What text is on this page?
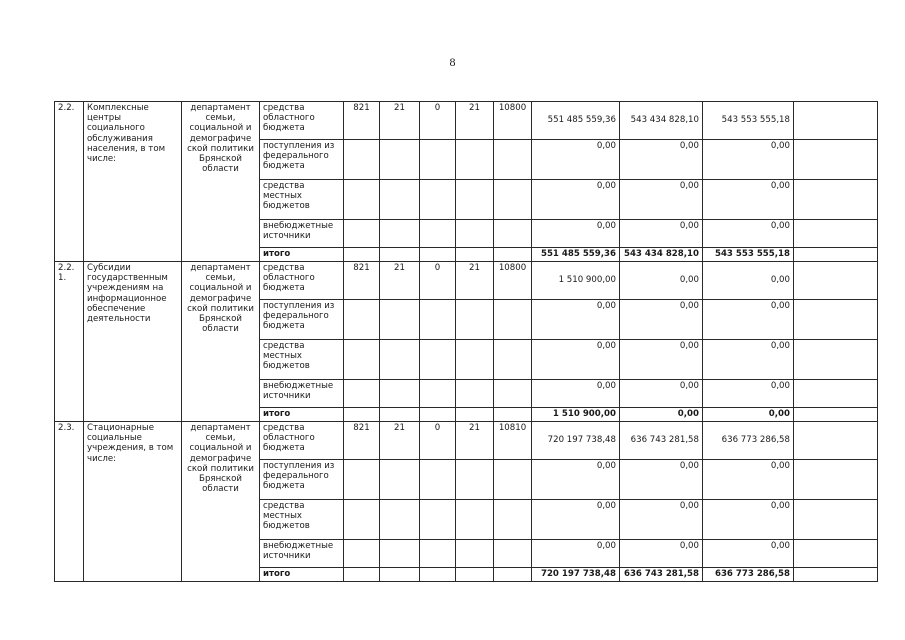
8
2.2.	Комплексные центры социального обслуживания населения, в том числе:	департамент семьи, социальной и демографиче ской политики Брянской области	средства областного бюджета	821	21	0	21	10800	551 485 559,36	543 434 828,10	543 553 555,18	
			поступления из федерального бюджета						0,00	0,00	0,00	
			средства местных бюджетов						0,00	0,00	0,00	
			внебюджетные источники						0,00	0,00	0,00	
			итого						551 485 559,36	543 434 828,10	543 553 555,18	
2.2. 1.	Субсидии государственным учреждениям на информационное обеспечение деятельности	департамент семьи, социальной и демографиче ской политики Брянской области	средства областного бюджета	821	21	0	21	10800	1 510 900,00	0,00	0,00	
			поступления из федерального бюджета						0,00	0,00	0,00	
			средства местных бюджетов						0,00	0,00	0,00	
			внебюджетные источники						0,00	0,00	0,00	
			итого						1 510 900,00	0,00	0,00	
2.3.	Стационарные социальные учреждения, в том числе:	департамент семьи, социальной и демографиче ской политики Брянской области	средства областного бюджета	821	21	0	21	10810	720 197 738,48	636 743 281,58	636 773 286,58	
			поступления из федерального бюджета						0,00	0,00	0,00	
			средства местных бюджетов						0,00	0,00	0,00	
			внебюджетные источники						0,00	0,00	0,00	
			итого						720 197 738,48	636 743 281,58	636 773 286,58	
